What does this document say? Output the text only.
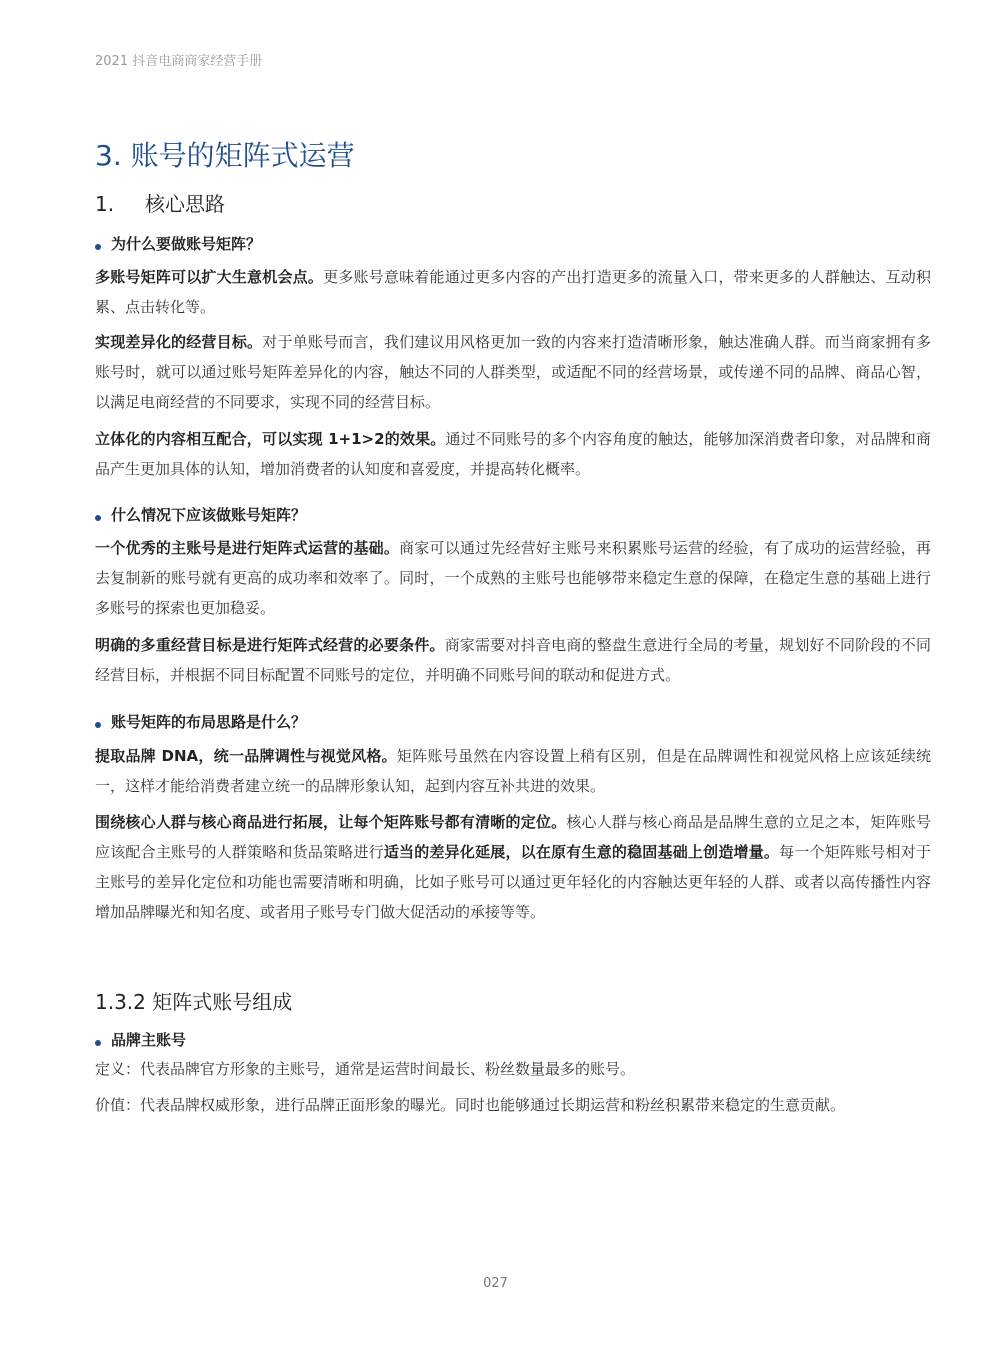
2021 抖音电商商家经营手册
3. 账号的矩阵式运营
1. 核心思路
为什么要做账号矩阵？
多账号矩阵可以扩大生意机会点。更多账号意味着能通过更多内容的产出打造更多的流量入口，带来更多的人群触达、互动积累、点击转化等。
实现差异化的经营目标。对于单账号而言，我们建议用风格更加一致的内容来打造清晰形象，触达准确人群。而当商家拥有多账号时，就可以通过账号矩阵差异化的内容，触达不同的人群类型，或适配不同的经营场景，或传递不同的品牌、商品心智，以满足电商经营的不同要求，实现不同的经营目标。
立体化的内容相互配合，可以实现 1+1>2的效果。通过不同账号的多个内容角度的触达，能够加深消费者印象，对品牌和商品产生更加具体的认知，增加消费者的认知度和喜爱度，并提高转化概率。
什么情况下应该做账号矩阵？
一个优秀的主账号是进行矩阵式运营的基础。商家可以通过先经营好主账号来积累账号运营的经验，有了成功的运营经验，再去复制新的账号就有更高的成功率和效率了。同时，一个成熟的主账号也能够带来稳定生意的保障，在稳定生意的基础上进行多账号的探索也更加稳妥。
明确的多重经营目标是进行矩阵式经营的必要条件。商家需要对抖音电商的整盘生意进行全局的考量，规划好不同阶段的不同经营目标，并根据不同目标配置不同账号的定位，并明确不同账号间的联动和促进方式。
账号矩阵的布局思路是什么？
提取品牌 DNA，统一品牌调性与视觉风格。矩阵账号虽然在内容设置上稍有区别，但是在品牌调性和视觉风格上应该延续统一，这样才能给消费者建立统一的品牌形象认知，起到内容互补共进的效果。
围绕核心人群与核心商品进行拓展，让每个矩阵账号都有清晰的定位。核心人群与核心商品是品牌生意的立足之本，矩阵账号应该配合主账号的人群策略和货品策略进行适当的差异化延展，以在原有生意的稳固基础上创造增量。每一个矩阵账号相对于主账号的差异化定位和功能也需要清晰和明确，比如子账号可以通过更年轻化的内容触达更年轻的人群、或者以高传播性内容增加品牌曝光和知名度、或者用子账号专门做大促活动的承接等等。
1.3.2 矩阵式账号组成
品牌主账号
定义：代表品牌官方形象的主账号，通常是运营时间最长、粉丝数量最多的账号。
价值：代表品牌权威形象，进行品牌正面形象的曝光。同时也能够通过长期运营和粉丝积累带来稳定的生意贡献。
027
